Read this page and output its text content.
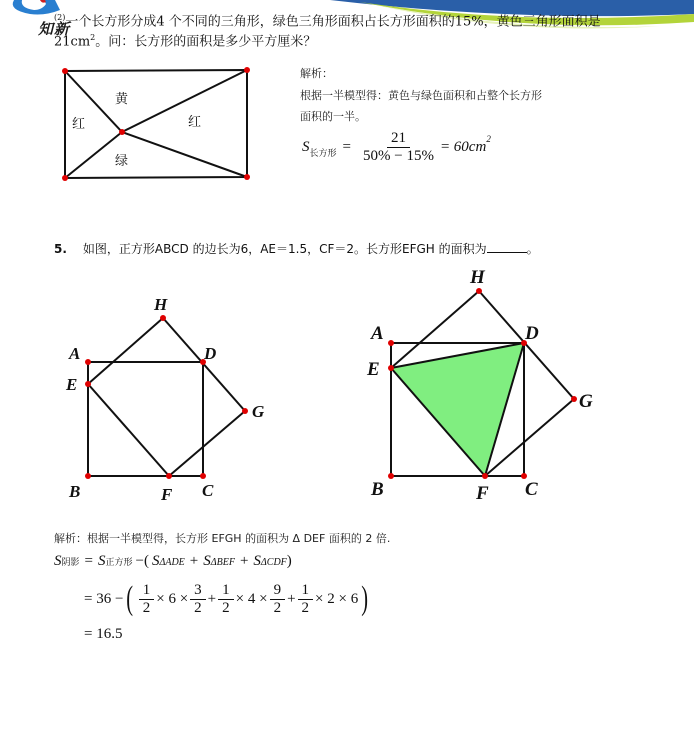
知新
$^{(2)}$一个长方形分成4 个不同的三角形，绿色三角形面积占长方形面积的15%，黄色三角形面积是
$21cm^2$。问：长方形的面积是多少平方厘米？
黄
红	红
绿
解析：
根据一半模型得：黄色与绿色面积和占整个长方形
面积的一半。
S 长方形 = $\frac{21}{50\% - 15\%} = 60cm^2$
5. 如图，正方形ABCD 的边长为6，AE＝1.5，CF＝2。长方形EFGH 的面积为	。
H
A	D
E
G
B	F C
H
A	D
E
G
B	F C
解析：根据一半模型得，长方形 EFGH 的面积为 Δ DEF 面积的 2 倍.
S 阴影 = S 正方形 −( S ΔADE + S ΔBEF + S ΔCDF )
= 36 − ( $\frac{1}{2} \times 6 \times \frac{3}{2} + \frac{1}{2} \times 4 \times \frac{9}{2} + \frac{1}{2} \times 2 \times 6$ )
= 16.5
